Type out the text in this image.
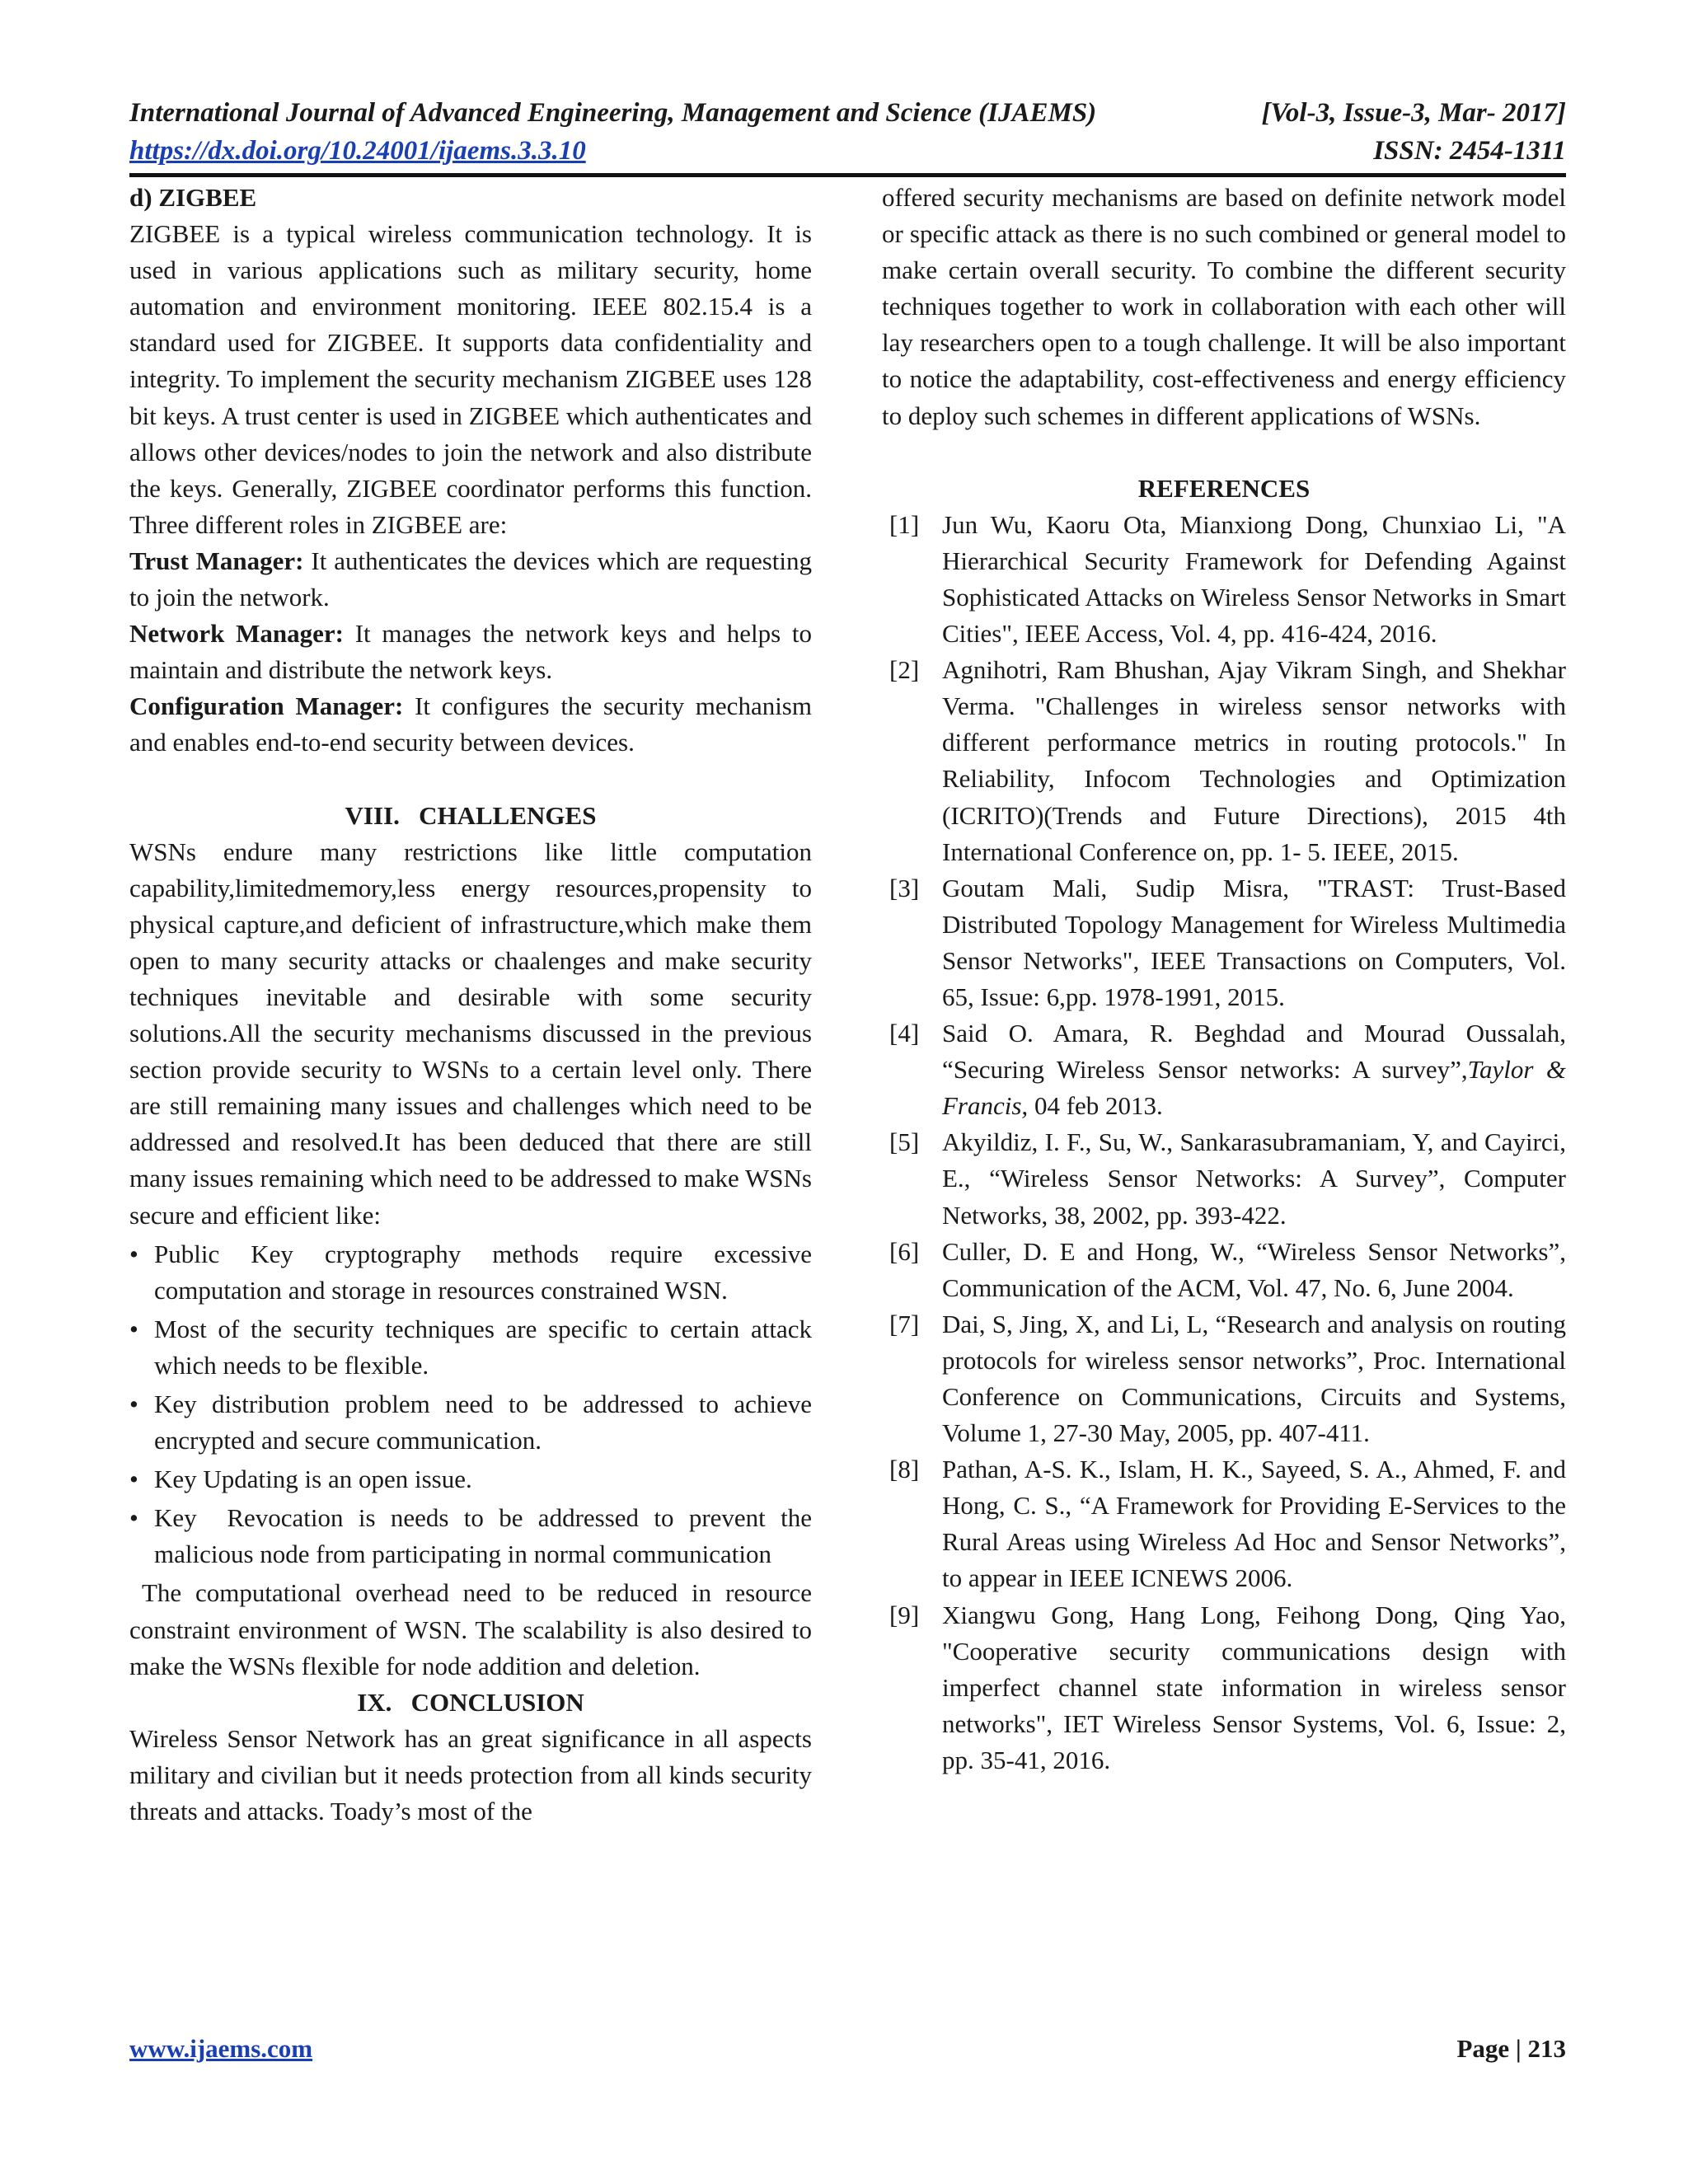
International Journal of Advanced Engineering, Management and Science (IJAEMS)	[Vol-3, Issue-3, Mar- 2017]
https://dx.doi.org/10.24001/ijaems.3.3.10	ISSN: 2454-1311

d) ZIGBEE

ZIGBEE is a typical wireless communication technology. It is used in various applications such as military security, home automation and environment monitoring. IEEE 802.15.4 is a standard used for ZIGBEE. It supports data confidentiality and integrity. To implement the security mechanism ZIGBEE uses 128 bit keys. A trust center is used in ZIGBEE which authenticates and allows other devices/nodes to join the network and also distribute the keys. Generally, ZIGBEE coordinator performs this function. Three different roles in ZIGBEE are:

Trust Manager: It authenticates the devices which are requesting to join the network.

Network Manager: It manages the network keys and helps to maintain and distribute the network keys.

Configuration Manager: It configures the security mechanism and enables end-to-end security between devices.

VIII.   CHALLENGES

WSNs endure many restrictions like little computation capability,limitedmemory,less energy resources,propensity to physical capture,and deficient of infrastructure,which make them open to many security attacks or chaalenges and make security techniques inevitable and desirable with some security solutions.All the security mechanisms discussed in the previous section provide security to WSNs to a certain level only. There    are still remaining many issues and challenges which need to be addressed and resolved.It has been deduced that there are still many issues remaining which need to be addressed to make WSNs secure and efficient like:

• Public Key cryptography methods require excessive computation and storage in resources constrained WSN.
• Most of the security techniques are specific to certain attack which needs to be flexible.
• Key distribution problem need to be addressed to achieve encrypted and secure communication.
• Key Updating is an open issue.
• Key  Revocation is needs to be addressed to prevent the malicious node from participating in normal communication

The computational overhead need to be reduced in resource constraint environment of WSN. The scalability is also desired to make the WSNs flexible for node addition and deletion.

IX.   CONCLUSION

Wireless Sensor Network has an great significance in all aspects military and civilian but it needs protection from all kinds security threats and attacks. Toady’s most of the

offered security mechanisms are based on definite network model or specific attack as there is no such combined or general model to make certain overall security. To combine the different security techniques together to work in collaboration with each other will lay researchers open to a tough challenge. It will be also important to notice the adaptability, cost-effectiveness and energy efficiency to deploy such schemes in different applications of WSNs.

REFERENCES

[1] Jun Wu, Kaoru Ota, Mianxiong Dong, Chunxiao Li, "A Hierarchical Security Framework for Defending Against Sophisticated Attacks on Wireless Sensor Networks in Smart Cities", IEEE Access, Vol. 4, pp. 416-424, 2016.
[2] Agnihotri, Ram Bhushan, Ajay Vikram Singh, and Shekhar Verma. "Challenges in wireless sensor networks with different performance metrics in routing protocols." In Reliability, Infocom Technologies and Optimization (ICRITO)(Trends and Future Directions), 2015 4th International Conference on, pp. 1- 5. IEEE, 2015.
[3] Goutam Mali, Sudip Misra, "TRAST: Trust-Based Distributed Topology Management for Wireless Multimedia Sensor Networks", IEEE Transactions on Computers, Vol. 65, Issue: 6,pp. 1978-1991, 2015.
[4] Said O. Amara, R. Beghdad and Mourad Oussalah, “Securing Wireless Sensor networks: A survey”,Taylor & Francis, 04 feb 2013.
[5] Akyildiz, I. F., Su, W., Sankarasubramaniam, Y, and Cayirci, E., “Wireless Sensor Networks: A Survey”, Computer Networks, 38, 2002, pp. 393-422.
[6] Culler, D. E and Hong, W., “Wireless Sensor Networks”, Communication of the ACM, Vol. 47, No. 6, June 2004.
[7] Dai, S, Jing, X, and Li, L, “Research and analysis on routing protocols for wireless sensor networks”, Proc. International Conference on Communications, Circuits and Systems, Volume 1, 27-30 May, 2005, pp. 407-411.
[8] Pathan, A-S. K., Islam, H. K., Sayeed, S. A., Ahmed, F. and Hong, C. S., “A Framework for Providing E-Services to the Rural Areas using Wireless Ad Hoc and Sensor Networks”, to appear in IEEE ICNEWS 2006.
[9] Xiangwu Gong, Hang Long, Feihong Dong, Qing Yao, "Cooperative security communications design with imperfect channel state information in wireless sensor networks", IET Wireless Sensor Systems, Vol. 6, Issue: 2, pp. 35-41, 2016.
www.ijaems.com	Page | 213
